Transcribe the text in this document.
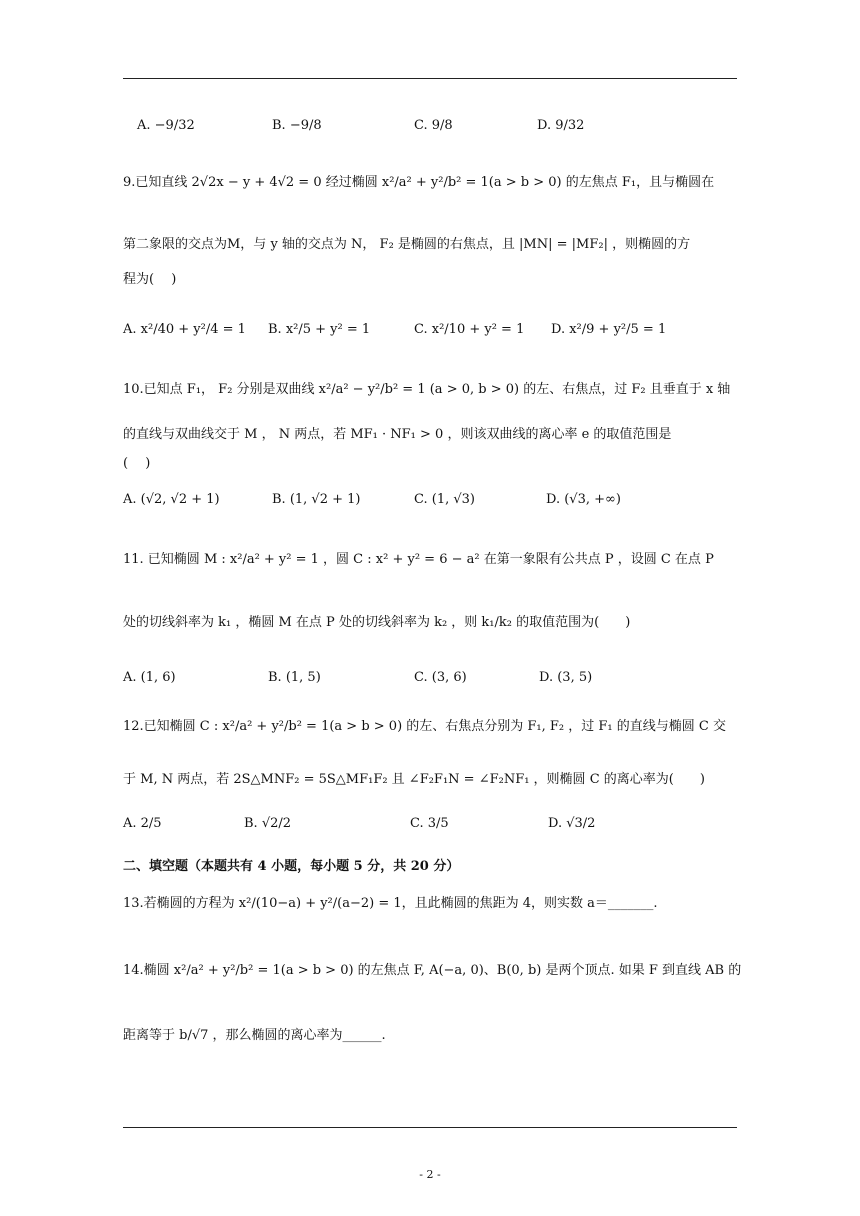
A. −9/32	B. −9/8	C. 9/8	D. 9/32
9.已知直线 2√2x − y + 4√2 = 0 经过椭圆 x²/a² + y²/b² = 1(a > b > 0) 的左焦点 F₁，且与椭圆在
第二象限的交点为M，与 y 轴的交点为 N， F₂ 是椭圆的右焦点，且 |MN| = |MF₂| ，则椭圆的方
程为(　 )
A. x²/40 + y²/4 = 1 B. x²/5 + y² = 1	C. x²/10 + y² = 1 D. x²/9 + y²/5 = 1
10.已知点 F₁， F₂ 分别是双曲线 x²/a² − y²/b² = 1 (a > 0, b > 0) 的左、右焦点，过 F₂ 且垂直于 x 轴
的直线与双曲线交于 M ， N 两点，若 MF₁ · NF₁ > 0 ，则该双曲线的离心率 e 的取值范围是
(　 )
A. (√2, √2 + 1)	B. (1, √2 + 1)	C. (1, √3)	D. (√3, +∞)
11. 已知椭圆 M : x²/a² + y² = 1 ，圆 C : x² + y² = 6 − a² 在第一象限有公共点 P ，设圆 C 在点 P
处的切线斜率为 k₁ ，椭圆 M 在点 P 处的切线斜率为 k₂ ，则 k₁/k₂ 的取值范围为(　　)
A. (1, 6)	B. (1, 5)	C. (3, 6)	D. (3, 5)
12.已知椭圆 C : x²/a² + y²/b² = 1(a > b > 0) 的左、右焦点分别为 F₁, F₂ ，过 F₁ 的直线与椭圆 C 交
于 M, N 两点，若 2S△MNF₂ = 5S△MF₁F₂ 且 ∠F₂F₁N = ∠F₂NF₁ ，则椭圆 C 的离心率为(　　)
A. 2/5	B. √2/2	C. 3/5	D. √3/2
二、填空题（本题共有 4 小题，每小题 5 分，共 20 分）
13.若椭圆的方程为 x²/(10−a) + y²/(a−2) = 1，且此椭圆的焦距为 4，则实数 a＝_______.
14.椭圆 x²/a² + y²/b² = 1(a > b > 0) 的左焦点 F, A(−a, 0)、B(0, b) 是两个顶点. 如果 F 到直线 AB 的
距离等于 b/√7 ，那么椭圆的离心率为______.
- 2 -
